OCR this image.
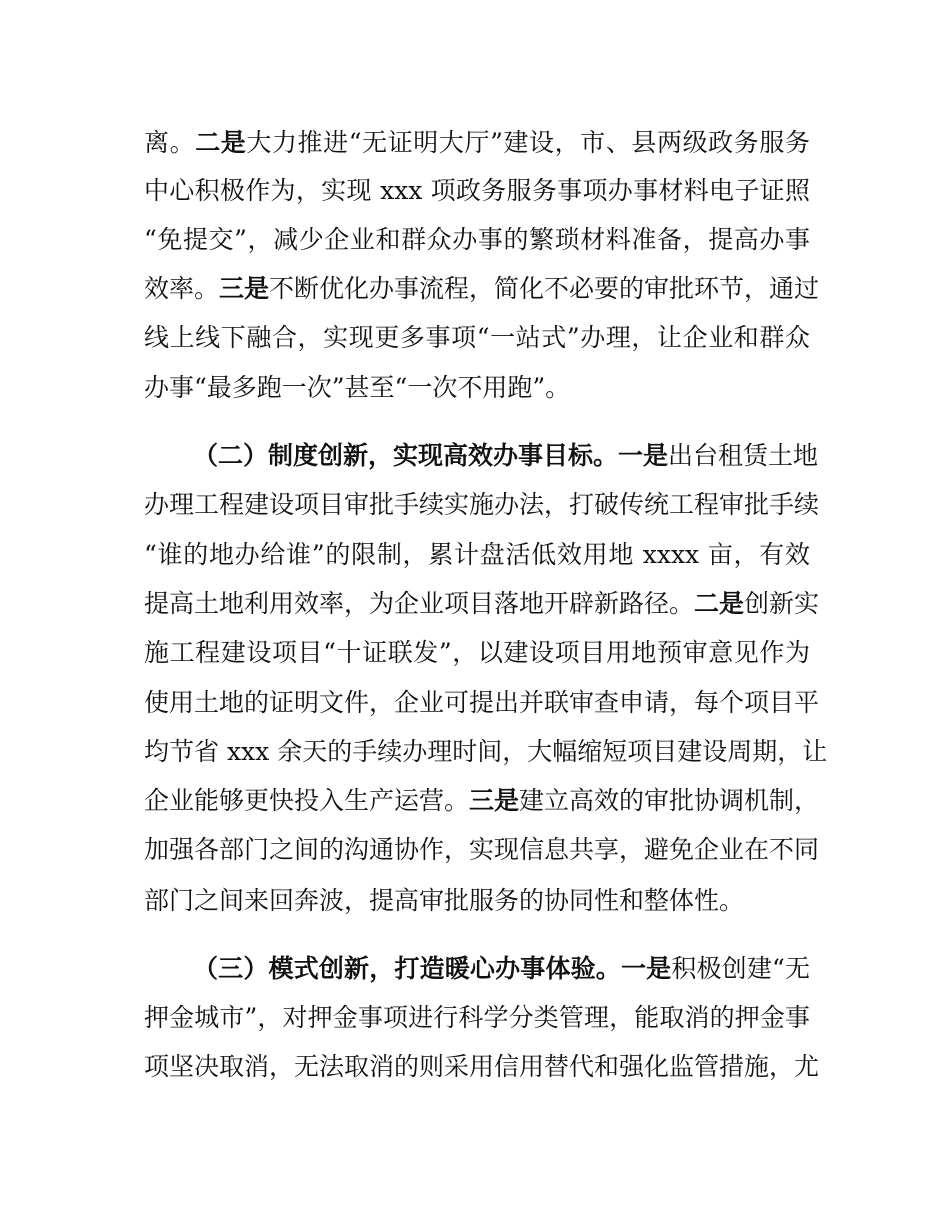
离。二是大力推进“无证明大厅”建设，市、县两级政务服务
中心积极作为，实现 xxx 项政务服务事项办事材料电子证照
“免提交”，减少企业和群众办事的繁琐材料准备，提高办事
效率。三是不断优化办事流程，简化不必要的审批环节，通过
线上线下融合，实现更多事项“一站式”办理，让企业和群众
办事“最多跑一次”甚至“一次不用跑”。
（二）制度创新，实现高效办事目标。一是出台租赁土地
办理工程建设项目审批手续实施办法，打破传统工程审批手续
“谁的地办给谁”的限制，累计盘活低效用地 xxxx 亩，有效
提高土地利用效率，为企业项目落地开辟新路径。二是创新实
施工程建设项目“十证联发”，以建设项目用地预审意见作为
使用土地的证明文件，企业可提出并联审查申请，每个项目平
均节省 xxx 余天的手续办理时间，大幅缩短项目建设周期，让
企业能够更快投入生产运营。三是建立高效的审批协调机制，
加强各部门之间的沟通协作，实现信息共享，避免企业在不同
部门之间来回奔波，提高审批服务的协同性和整体性。
（三）模式创新，打造暖心办事体验。一是积极创建“无
押金城市”，对押金事项进行科学分类管理，能取消的押金事
项坚决取消，无法取消的则采用信用替代和强化监管措施，尤
